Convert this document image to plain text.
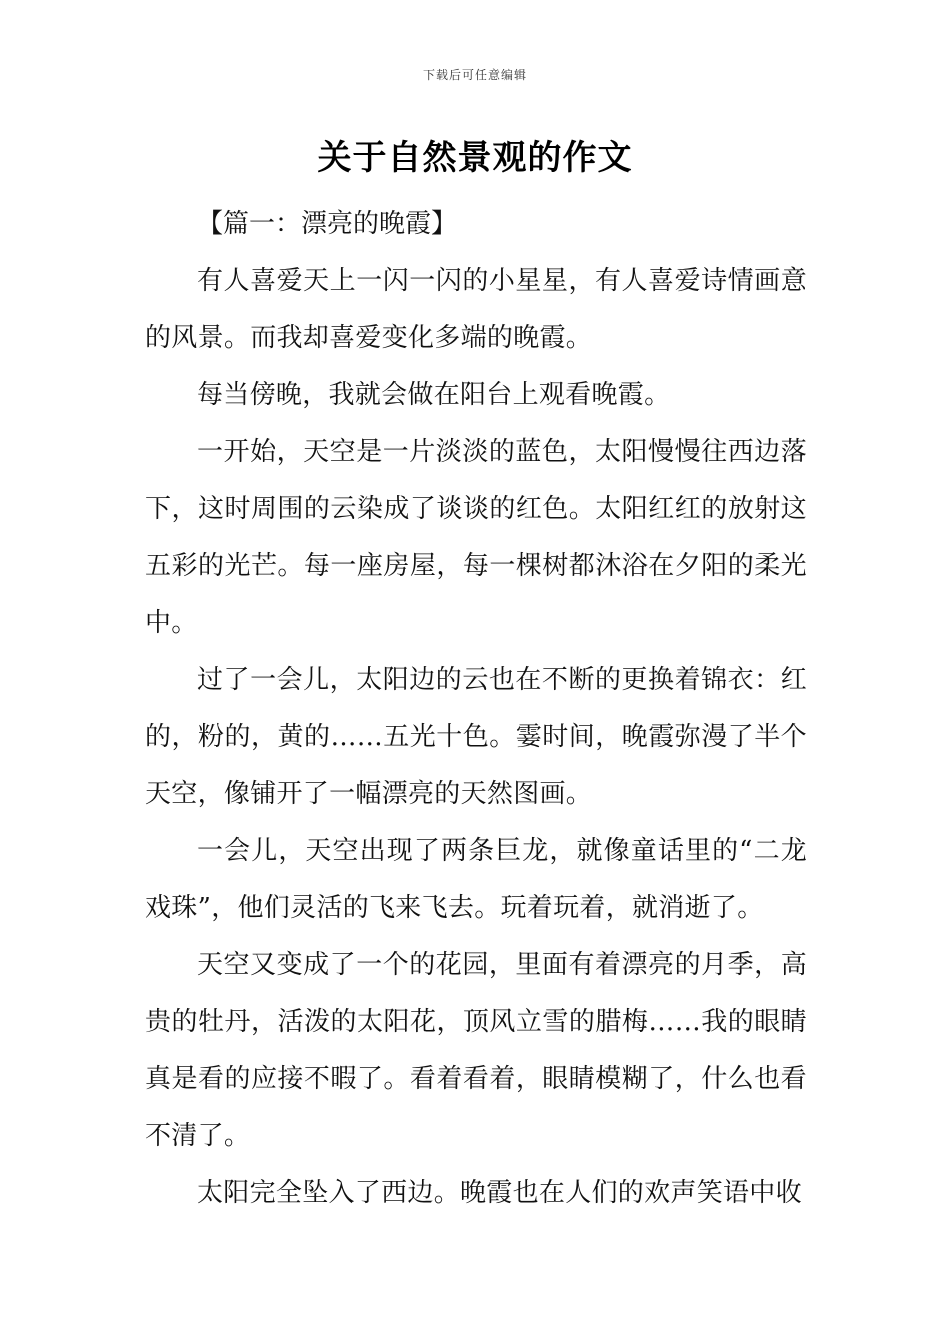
下载后可任意编辑
关于自然景观的作文

【篇一：漂亮的晚霞】

有人喜爱天上一闪一闪的小星星，有人喜爱诗情画意的风景。而我却喜爱变化多端的晚霞。

每当傍晚，我就会做在阳台上观看晚霞。

一开始，天空是一片淡淡的蓝色，太阳慢慢往西边落下，这时周围的云染成了谈谈的红色。太阳红红的放射这五彩的光芒。每一座房屋，每一棵树都沐浴在夕阳的柔光中。

过了一会儿，太阳边的云也在不断的更换着锦衣：红的，粉的，黄的……五光十色。霎时间，晚霞弥漫了半个天空，像铺开了一幅漂亮的天然图画。

一会儿，天空出现了两条巨龙，就像童话里的“二龙戏珠”，他们灵活的飞来飞去。玩着玩着，就消逝了。

天空又变成了一个的花园，里面有着漂亮的月季，高贵的牡丹，活泼的太阳花，顶风立雪的腊梅……我的眼睛真是看的应接不暇了。看着看着，眼睛模糊了，什么也看不清了。

太阳完全坠入了西边。晚霞也在人们的欢声笑语中收
